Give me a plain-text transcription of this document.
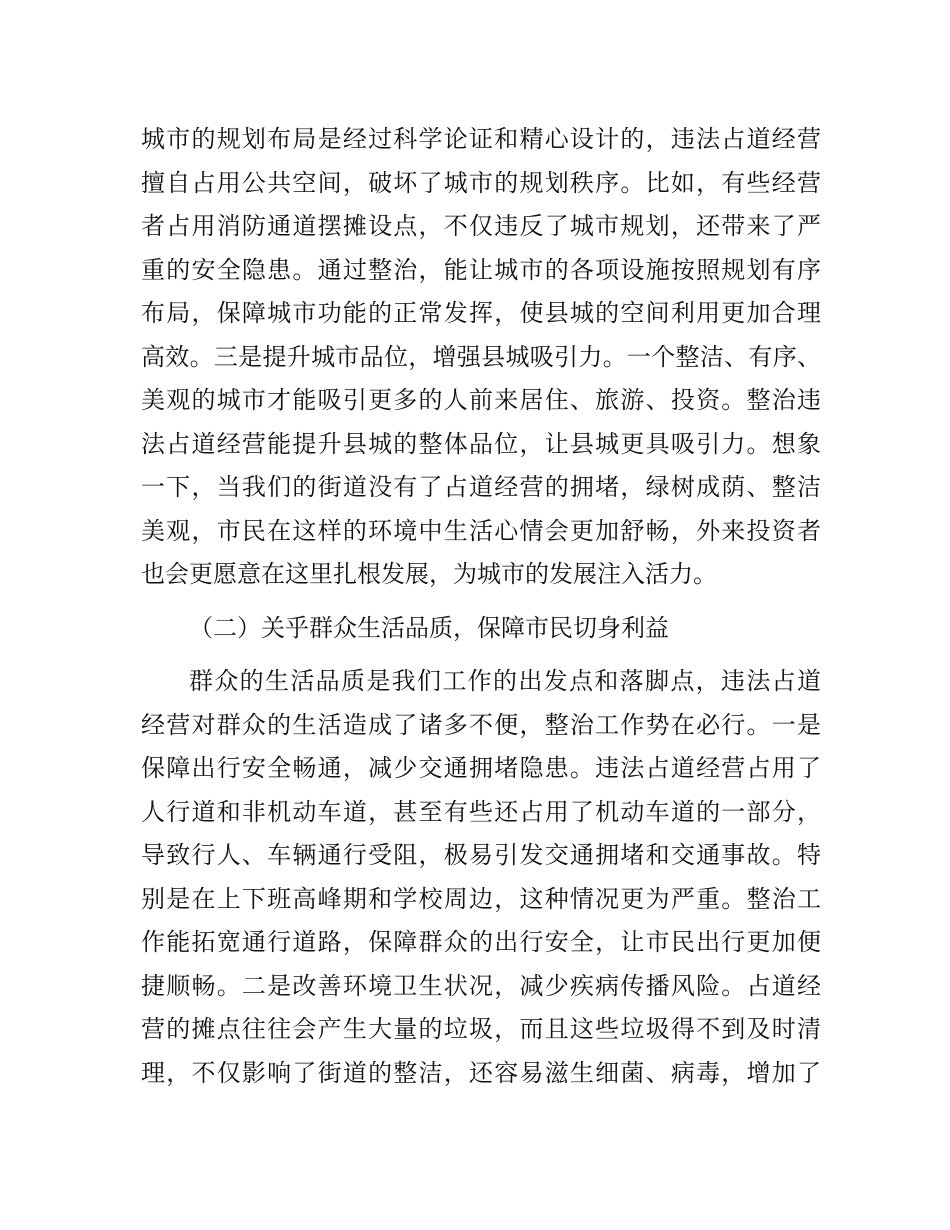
城市的规划布局是经过科学论证和精心设计的，违法占道经营
擅自占用公共空间，破坏了城市的规划秩序。比如，有些经营
者占用消防通道摆摊设点，不仅违反了城市规划，还带来了严
重的安全隐患。通过整治，能让城市的各项设施按照规划有序
布局，保障城市功能的正常发挥，使县城的空间利用更加合理
高效。三是提升城市品位，增强县城吸引力。一个整洁、有序、
美观的城市才能吸引更多的人前来居住、旅游、投资。整治违
法占道经营能提升县城的整体品位，让县城更具吸引力。想象
一下，当我们的街道没有了占道经营的拥堵，绿树成荫、整洁
美观，市民在这样的环境中生活心情会更加舒畅，外来投资者
也会更愿意在这里扎根发展，为城市的发展注入活力。
（二）关乎群众生活品质，保障市民切身利益
群众的生活品质是我们工作的出发点和落脚点，违法占道
经营对群众的生活造成了诸多不便，整治工作势在必行。一是
保障出行安全畅通，减少交通拥堵隐患。违法占道经营占用了
人行道和非机动车道，甚至有些还占用了机动车道的一部分，
导致行人、车辆通行受阻，极易引发交通拥堵和交通事故。特
别是在上下班高峰期和学校周边，这种情况更为严重。整治工
作能拓宽通行道路，保障群众的出行安全，让市民出行更加便
捷顺畅。二是改善环境卫生状况，减少疾病传播风险。占道经
营的摊点往往会产生大量的垃圾，而且这些垃圾得不到及时清
理，不仅影响了街道的整洁，还容易滋生细菌、病毒，增加了
